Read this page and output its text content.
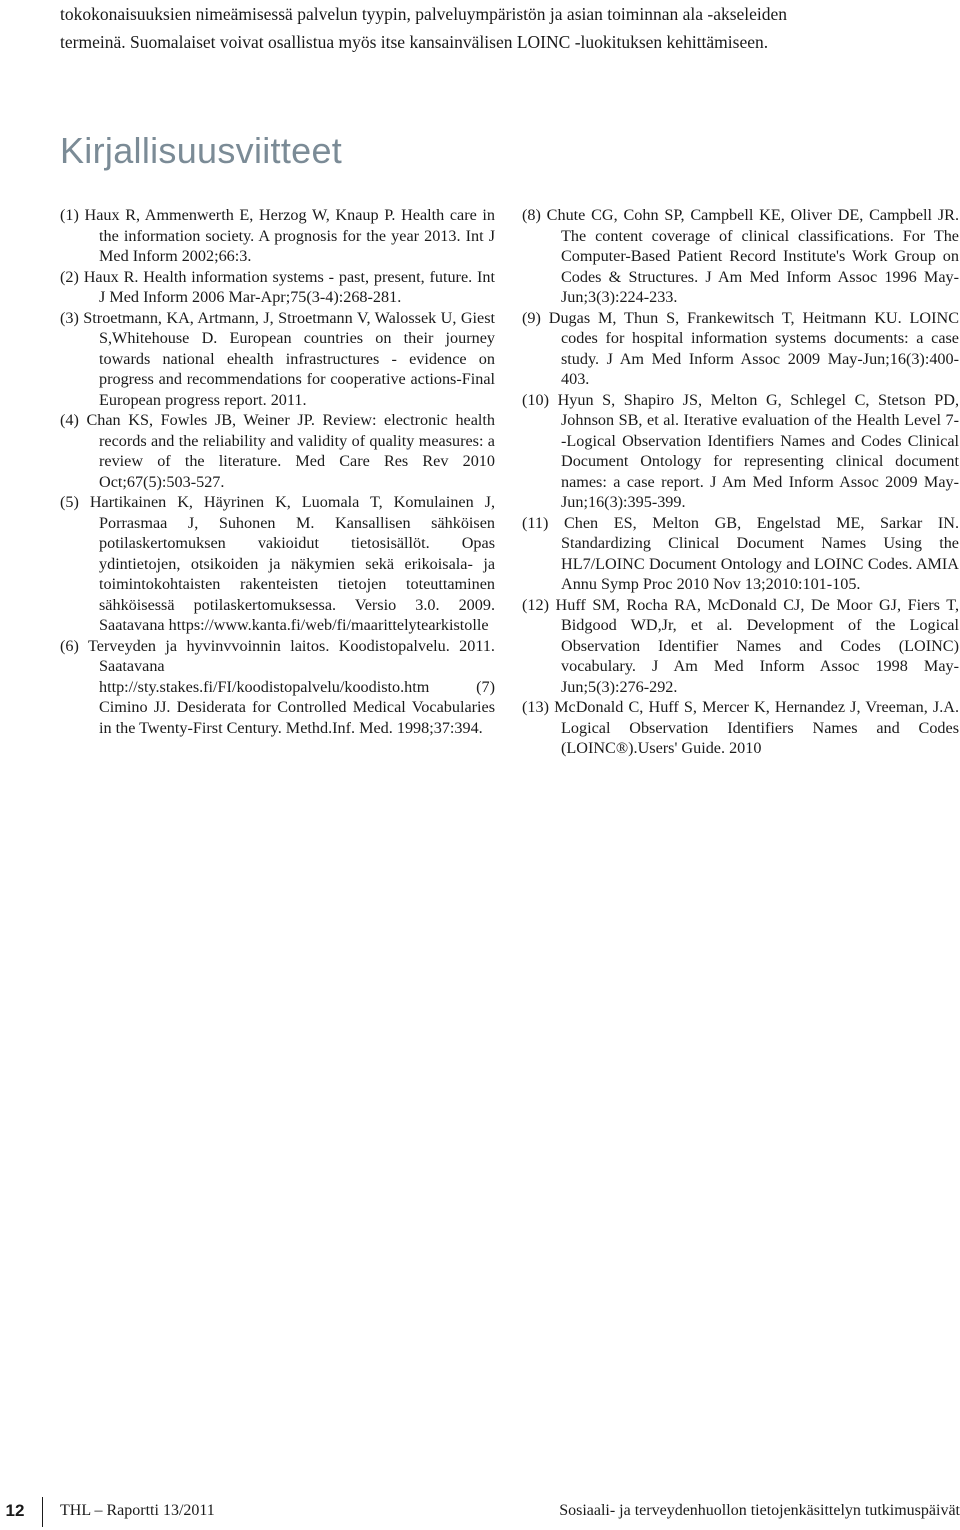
tokokonaisuuksien nimeämisessä palvelun tyypin, palveluympäristön ja asian toiminnan ala -akseleiden
termeinä. Suomalaiset voivat osallistua myös itse kansainvälisen LOINC -luokituksen kehittämiseen.
Kirjallisuusviitteet

(1) Haux R, Ammenwerth E, Herzog W, Knaup P. Health care in the information society. A prognosis for the year 2013. Int J Med Inform 2002;66:3.

(2) Haux R. Health information systems - past, present, future. Int J Med Inform 2006 Mar-Apr;75(3-4):268-281.

(3) Stroetmann, KA, Artmann, J, Stroetmann V, Walossek U, Giest S,Whitehouse D. European countries on their journey towards national ehealth infrastructures - evidence on progress and recommendations for cooperative actions-Final European progress report. 2011.

(4) Chan KS, Fowles JB, Weiner JP. Review: electronic health records and the reliability and validity of quality measures: a review of the literature. Med Care Res Rev 2010 Oct;67(5):503-527.

(5) Hartikainen K, Häyrinen K, Luomala T, Komulainen J, Porrasmaa J, Suhonen M. Kansallisen sähköisen potilaskertomuksen vakioidut tietosisällöt. Opas ydintietojen, otsikoiden ja näkymien sekä erikoisala- ja toimintokohtaisten rakenteisten tietojen toteuttaminen sähköisessä potilaskertomuksessa. Versio 3.0. 2009. Saatavana https://www.kanta.fi/web/fi/maarittelytearkistolle

(6) Terveyden ja hyvinvvoinnin laitos. Koodistopalvelu. 2011. Saatavana http://sty.stakes.fi/FI/koodistopalvelu/koodisto.htm (7) Cimino JJ. Desiderata for Controlled Medical Vocabularies in the Twenty-First Century. Methd.Inf. Med. 1998;37:394.

(8) Chute CG, Cohn SP, Campbell KE, Oliver DE, Campbell JR. The content coverage of clinical classifications. For The Computer-Based Patient Record Institute's Work Group on Codes & Structures. J Am Med Inform Assoc 1996 May-Jun;3(3):224-233.

(9) Dugas M, Thun S, Frankewitsch T, Heitmann KU. LOINC codes for hospital information systems documents: a case study. J Am Med Inform Assoc 2009 May-Jun;16(3):400-403.

(10) Hyun S, Shapiro JS, Melton G, Schlegel C, Stetson PD, Johnson SB, et al. Iterative evaluation of the Health Level 7--Logical Observation Identifiers Names and Codes Clinical Document Ontology for representing clinical document names: a case report. J Am Med Inform Assoc 2009 May-Jun;16(3):395-399.

(11) Chen ES, Melton GB, Engelstad ME, Sarkar IN. Standardizing Clinical Document Names Using the HL7/LOINC Document Ontology and LOINC Codes. AMIA Annu Symp Proc 2010 Nov 13;2010:101-105.

(12) Huff SM, Rocha RA, McDonald CJ, De Moor GJ, Fiers T, Bidgood WD,Jr, et al. Development of the Logical Observation Identifier Names and Codes (LOINC) vocabulary. J Am Med Inform Assoc 1998 May-Jun;5(3):276-292.

(13) McDonald C, Huff S, Mercer K, Hernandez J, Vreeman, J.A. Logical Observation Identifiers Names and Codes (LOINC®).Users' Guide. 2010

12	THL – Raportti 13/2011	Sosiaali- ja terveydenhuollon tietojenkäsittelyn tutkimuspäivät
